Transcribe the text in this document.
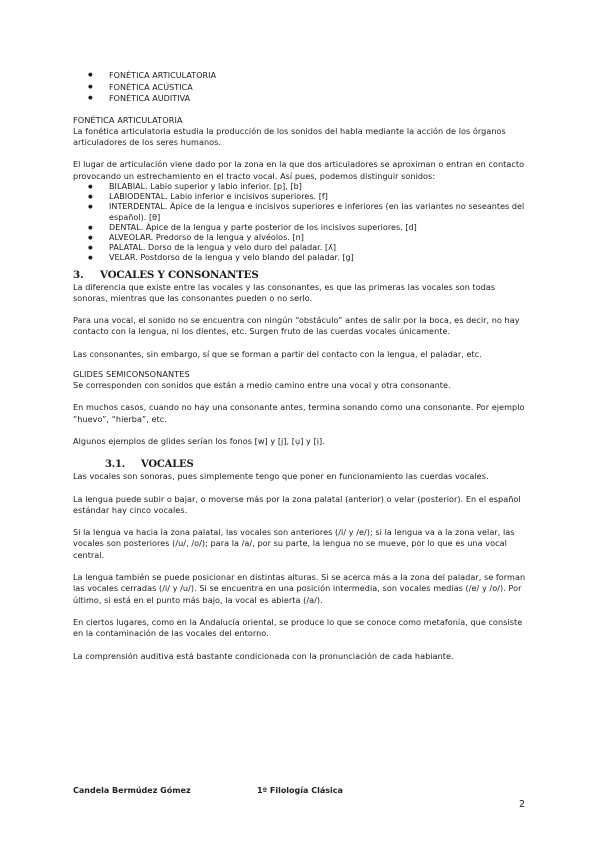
● FONÉTICA ARTICULATORIA
● FONÉTICA ACÚSTICA
● FONÉTICA AUDITIVA
FONÉTICA ARTICULATORIA

La fonética articulatoria estudia la producción de los sonidos del habla mediante la acción de los órganos articuladores de los seres humanos.

El lugar de articulación viene dado por la zona en la que dos articuladores se aproximan o entran en contacto provocando un estrechamiento en el tracto vocal. Así pues, podemos distinguir sonidos:

● BILABIAL. Labio superior y labio inferior. [p], [b]
● LABIODENTAL. Labio inferior e incisivos superiores. [f]
● INTERDENTAL. Ápice de la lengua e incisivos superiores e inferiores (en las variantes no seseantes del español). [θ]
● DENTAL. Ápice de la lengua y parte posterior de los incisivos superiores. [d]
● ALVEOLAR. Predorso de la lengua y alvéolos. [n]
● PALATAL. Dorso de la lengua y velo duro del paladar. [ʎ]
● VELAR. Postdorso de la lengua y velo blando del paladar. [g]
3. VOCALES Y CONSONANTES

La diferencia que existe entre las vocales y las consonantes, es que las primeras las vocales son todas sonoras, mientras que las consonantes pueden o no serlo.

Para una vocal, el sonido no se encuentra con ningún “obstáculo” antes de salir por la boca, es decir, no hay contacto con la lengua, ni los dientes, etc. Surgen fruto de las cuerdas vocales únicamente.

Las consonantes, sin embargo, sí que se forman a partir del contacto con la lengua, el paladar, etc.

GLIDES SEMICONSONANTES

Se corresponden con sonidos que están a medio camino entre una vocal y otra consonante.

En muchos casos, cuando no hay una consonante antes, termina sonando como una consonante. Por ejemplo “huevo”, “hierba”, etc.

Algunos ejemplos de glides serían los fonos [w] y [j], [ụ] y [ị].

3.1. VOCALES

Las vocales son sonoras, pues simplemente tengo que poner en funcionamiento las cuerdas vocales.

La lengua puede subir o bajar, o moverse más por la zona palatal (anterior) o velar (posterior). En el español estándar hay cinco vocales.

Si la lengua va hacia la zona palatal, las vocales son anteriores (/i/ y /e/); si la lengua va a la zona velar, las vocales son posteriores (/u/, /o/); para la /a/, por su parte, la lengua no se mueve, por lo que es una vocal central.

La lengua también se puede posicionar en distintas alturas. Si se acerca más a la zona del paladar, se forman las vocales cerradas (/i/ y /u/). Si se encuentra en una posición intermedia, son vocales medias (/e/ y /o/). Por último, si está en el punto más bajo, la vocal es abierta (/a/).

En ciertos lugares, como en la Andalucía oriental, se produce lo que se conoce como metafonía, que consiste en la contaminación de las vocales del entorno.

La comprensión auditiva está bastante condicionada con la pronunciación de cada habiante.

Candela Bermúdez Gómez	1º Filología Clásica
2
